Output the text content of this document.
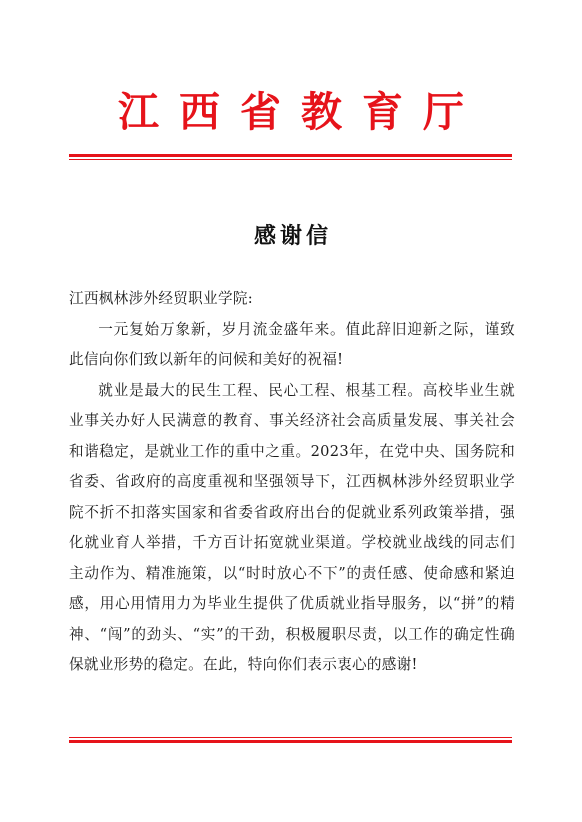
江西省教育厅
感谢信

江西枫林涉外经贸职业学院:

一元复始万象新，岁月流金盛年来。值此辞旧迎新之际，谨致此信向你们致以新年的问候和美好的祝福!

就业是最大的民生工程、民心工程、根基工程。高校毕业生就业事关办好人民满意的教育、事关经济社会高质量发展、事关社会和谐稳定，是就业工作的重中之重。2023年，在党中央、国务院和省委、省政府的高度重视和坚强领导下，江西枫林涉外经贸职业学院不折不扣落实国家和省委省政府出台的促就业系列政策举措，强化就业育人举措，千方百计拓宽就业渠道。学校就业战线的同志们主动作为、精准施策，以“时时放心不下”的责任感、使命感和紧迫感，用心用情用力为毕业生提供了优质就业指导服务，以“拼”的精神、“闯”的劲头、“实”的干劲，积极履职尽责，以工作的确定性确保就业形势的稳定。在此，特向你们表示衷心的感谢!
